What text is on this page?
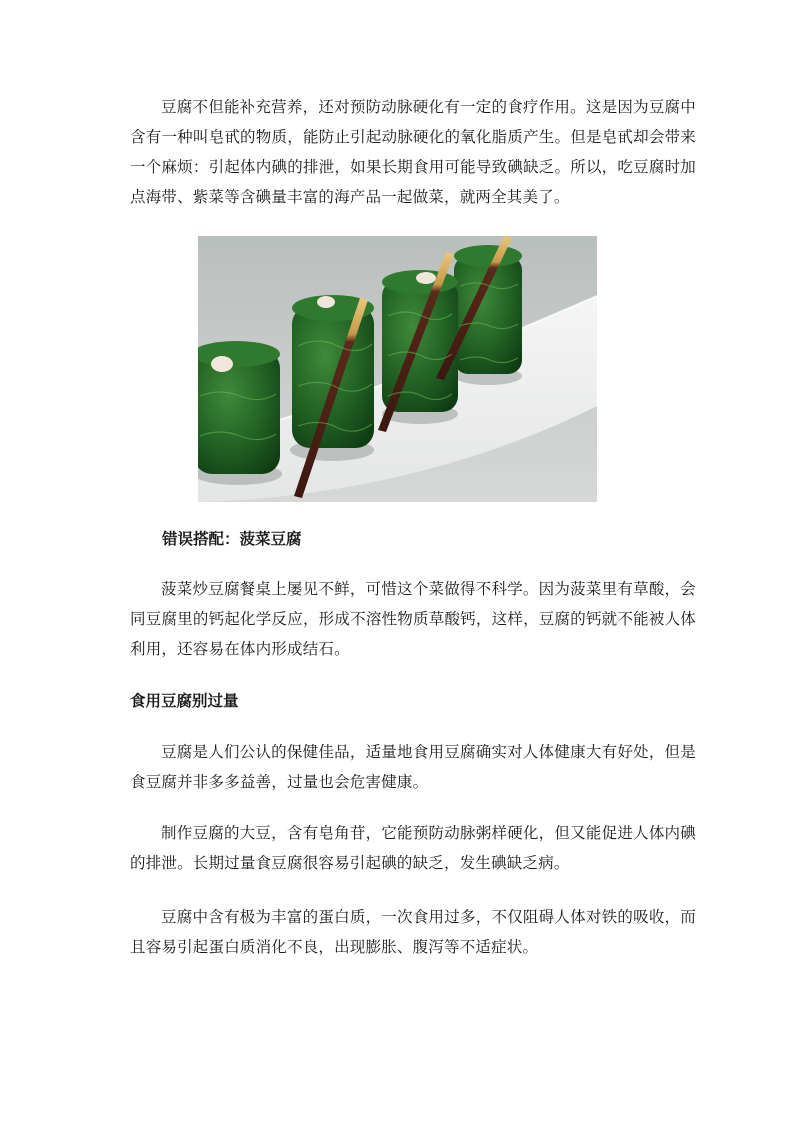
豆腐不但能补充营养，还对预防动脉硬化有一定的食疗作用。这是因为豆腐中含有一种叫皂甙的物质，能防止引起动脉硬化的氧化脂质产生。但是皂甙却会带来一个麻烦：引起体内碘的排泄，如果长期食用可能导致碘缺乏。所以，吃豆腐时加点海带、紫菜等含碘量丰富的海产品一起做菜，就两全其美了。

错误搭配：菠菜豆腐

菠菜炒豆腐餐桌上屡见不鲜，可惜这个菜做得不科学。因为菠菜里有草酸，会同豆腐里的钙起化学反应，形成不溶性物质草酸钙，这样，豆腐的钙就不能被人体利用，还容易在体内形成结石。

食用豆腐别过量

豆腐是人们公认的保健佳品，适量地食用豆腐确实对人体健康大有好处，但是食豆腐并非多多益善，过量也会危害健康。

制作豆腐的大豆，含有皂角苷，它能预防动脉粥样硬化，但又能促进人体内碘的排泄。长期过量食豆腐很容易引起碘的缺乏，发生碘缺乏病。

豆腐中含有极为丰富的蛋白质，一次食用过多，不仅阻碍人体对铁的吸收，而且容易引起蛋白质消化不良，出现膨胀、腹泻等不适症状。
